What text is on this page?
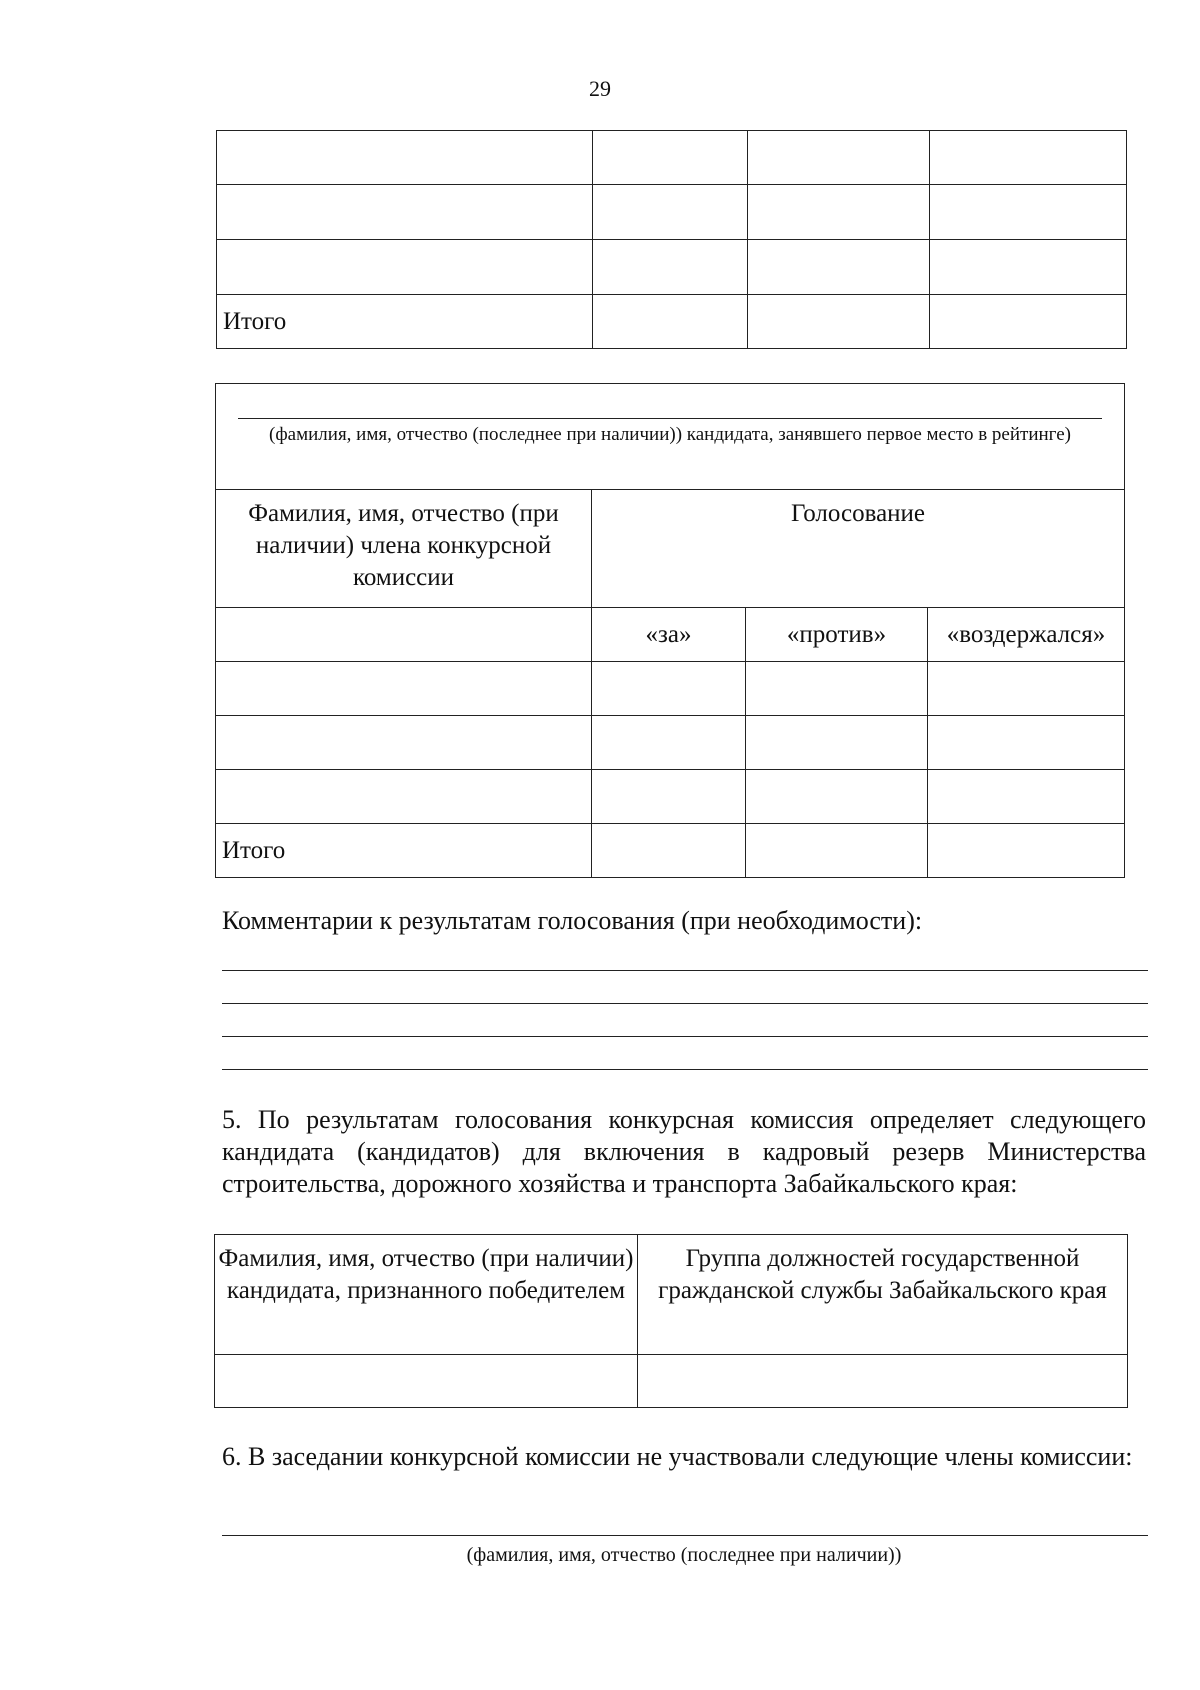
29

Итого			
(фамилия, имя, отчество (последнее при наличии)) кандидата, занявшего первое место в рейтинге)			

Фамилия, имя, отчество (при наличии) члена конкурсной комиссии	Голосование		
	«за»	«против»	«воздержался»

Итого			
Комментарии к результатам голосования (при необходимости):
5. По результатам голосования конкурсная комиссия определяет следующего кандидата (кандидатов) для включения в кадровый резерв Министерства строительства, дорожного хозяйства и транспорта Забайкальского края:
Фамилия, имя, отчество (при наличии) кандидата, признанного победителем	Группа должностей государственной гражданской службы Забайкальского края

6. В заседании конкурсной комиссии не участвовали следующие члены комиссии:
(фамилия, имя, отчество (последнее при наличии))
